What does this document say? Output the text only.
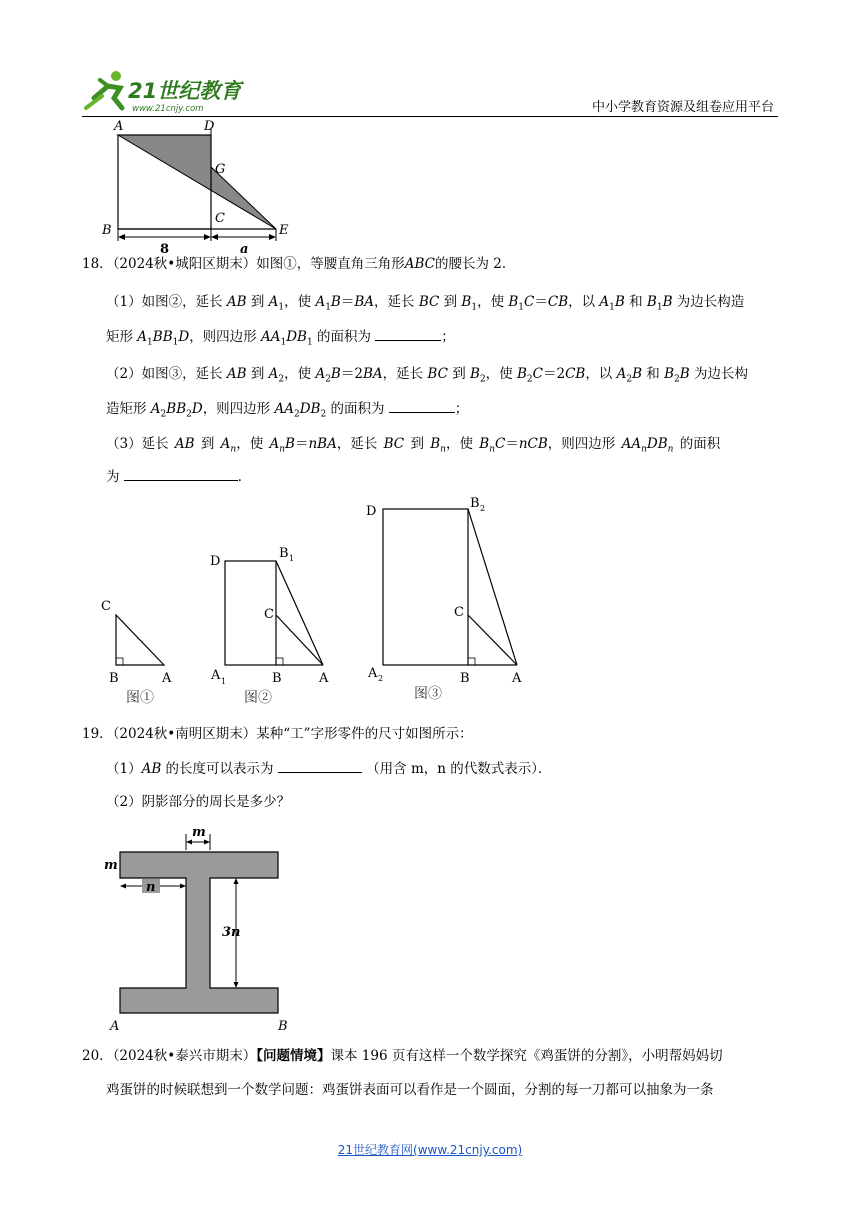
21世纪教育
www.21cnjy.com	中小学教育资源及组卷应用平台
A	D
G
B
C
E
8	a

18．（2024秋•城阳区期末）如图①，等腰直角三角形ABC的腰长为 2．

（1）如图②，延长 AB 到 $A_1$，使 $A_1B=BA$，延长 BC 到 $B_1$，使 $B_1C=CB$，以 $A_1B$ 和 $B_1B$ 为边长构造

矩形 $A_1BB_1D$，则四边形 $AA_1DB_1$ 的面积为	；

（2）如图③，延长 AB 到 $A_2$，使 $A_2B=2BA$，延长 BC 到 $B_2$，使 $B_2C=2CB$，以 $A_2B$ 和 $B_2B$ 为边长构

造矩形 $A_2BB_2D$，则四边形 $AA_2DB_2$ 的面积为	；

（3）延长 AB 到 $A_n$，使 $A_nB=nBA$，延长 BC 到 $B_n$，使 $B_nC=nCB$，则四边形 $AA_nDB_n$ 的面积

为	．

C
B	A
图①
D
B 1
C
A 1	B	A
图②
D
B 2
C
A 2	B	A
图③

19．（2024秋•南明区期末）某种“工”字形零件的尺寸如图所示：

（1）AB 的长度可以表示为	（用含 m，n 的代数式表示）．

（2）阴影部分的周长是多少？

m
m
n
3n
A	B

20．（2024秋•泰兴市期末）【问题情境】课本 196 页有这样一个数学探究《鸡蛋饼的分割》，小明帮妈妈切

鸡蛋饼的时候联想到一个数学问题：鸡蛋饼表面可以看作是一个圆面，分割的每一刀都可以抽象为一条

21世纪教育网(www.21cnjy.com)
